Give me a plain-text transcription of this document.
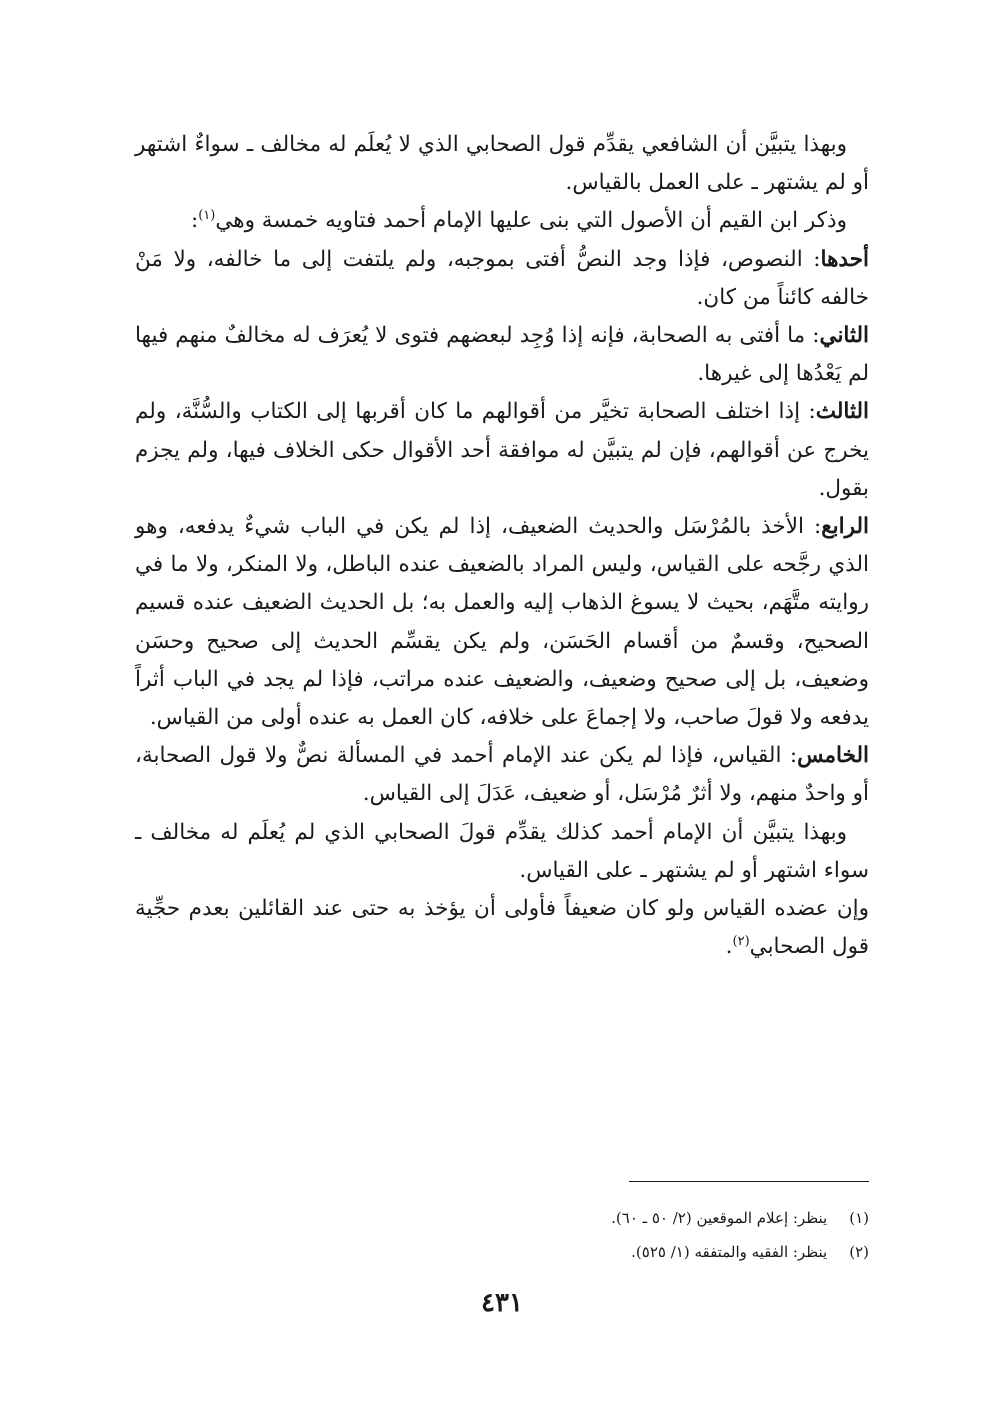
وبهذا يتبيَّن أن الشافعي يقدِّم قول الصحابي الذي لا يُعلَم له مخالف ـ سواءٌ اشتهر أو لم يشتهر ـ على العمل بالقياس.

وذكر ابن القيم أن الأصول التي بنى عليها الإمام أحمد فتاويه خمسة وهي$^{(١)}$:

أحدها: النصوص، فإذا وجد النصُّ أفتى بموجبه، ولم يلتفت إلى ما خالفه، ولا مَنْ خالفه كائناً من كان.

الثاني: ما أفتى به الصحابة، فإنه إذا وُجِد لبعضهم فتوى لا يُعرَف له مخالفٌ منهم فيها لم يَعْدُها إلى غيرها.

الثالث: إذا اختلف الصحابة تخيَّر من أقوالهم ما كان أقربها إلى الكتاب والسُّنَّة، ولم يخرج عن أقوالهم، فإن لم يتبيَّن له موافقة أحد الأقوال حكى الخلاف فيها، ولم يجزم بقول.

الرابع: الأخذ بالمُرْسَل والحديث الضعيف، إذا لم يكن في الباب شيءٌ يدفعه، وهو الذي رجَّحه على القياس، وليس المراد بالضعيف عنده الباطل، ولا المنكر، ولا ما في روايته متَّهَم، بحيث لا يسوغ الذهاب إليه والعمل به؛ بل الحديث الضعيف عنده قسيم الصحيح، وقسمٌ من أقسام الحَسَن، ولم يكن يقسِّم الحديث إلى صحيح وحسَن وضعيف، بل إلى صحيح وضعيف، والضعيف عنده مراتب، فإذا لم يجد في الباب أثراً يدفعه ولا قولَ صاحب، ولا إجماعَ على خلافه، كان العمل به عنده أولى من القياس.

الخامس: القياس، فإذا لم يكن عند الإمام أحمد في المسألة نصٌّ ولا قول الصحابة، أو واحدٌ منهم، ولا أثرٌ مُرْسَل، أو ضعيف، عَدَلَ إلى القياس.

وبهذا يتبيَّن أن الإمام أحمد كذلك يقدِّم قولَ الصحابي الذي لم يُعلَم له مخالف ـ سواء اشتهر أو لم يشتهر ـ على القياس.

وإن عضده القياس ولو كان ضعيفاً فأولى أن يؤخذ به حتى عند القائلين بعدم حجِّية قول الصحابي$^{(٢)}$.

(١)ينظر: إعلام الموقعين (٢/ ٥٠ ـ ٦٠).
(٢)ينظر: الفقيه والمتفقه (١/ ٥٢٥).
٤٣١
